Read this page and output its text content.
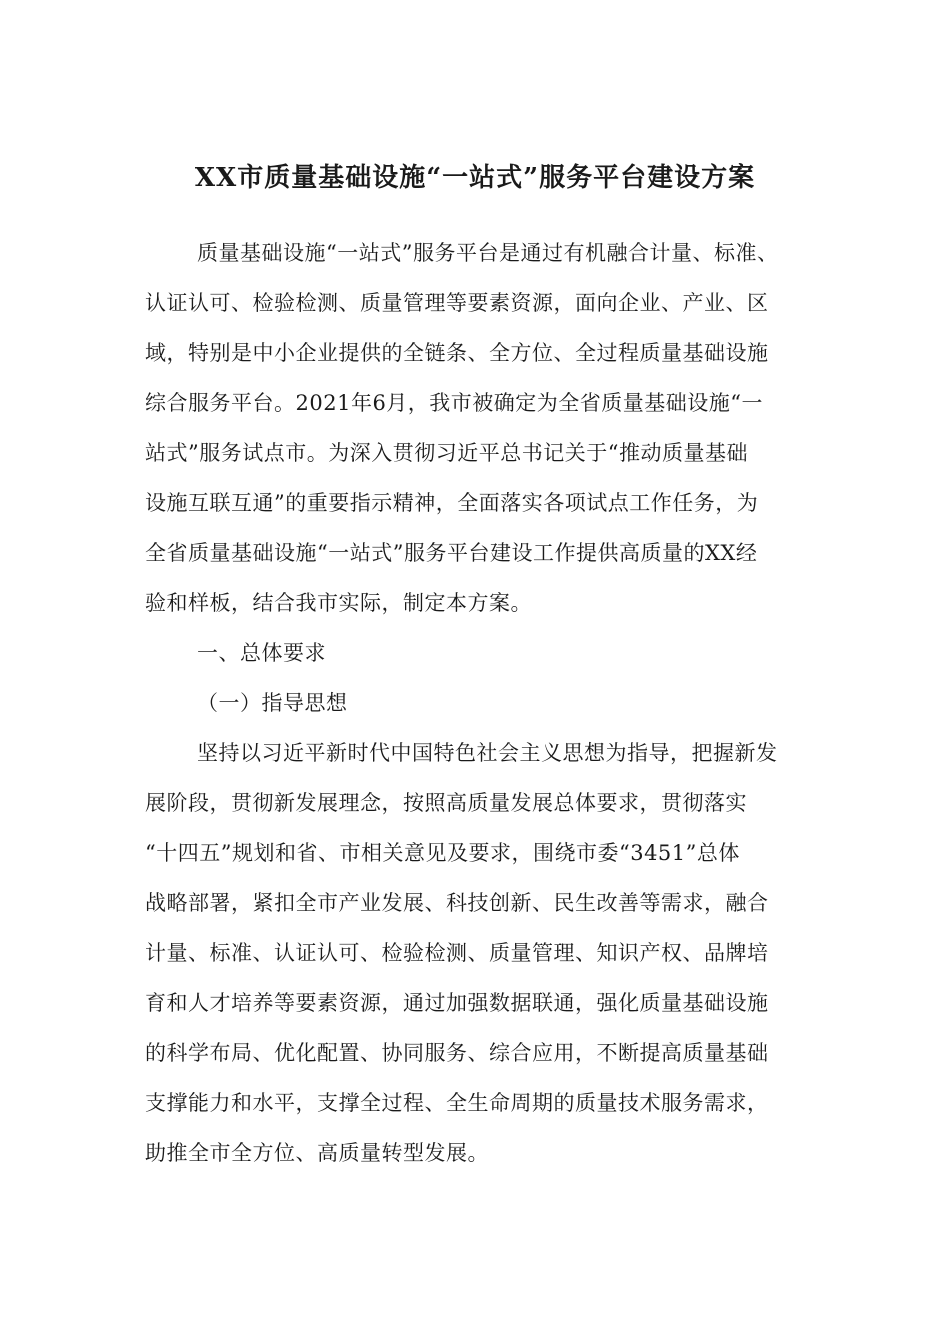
XX市质量基础设施“一站式”服务平台建设方案
质量基础设施“一站式”服务平台是通过有机融合计量、标准、
认证认可、检验检测、质量管理等要素资源，面向企业、产业、区
域，特别是中小企业提供的全链条、全方位、全过程质量基础设施
综合服务平台。2021年6月，我市被确定为全省质量基础设施“一
站式”服务试点市。为深入贯彻习近平总书记关于“推动质量基础
设施互联互通”的重要指示精神，全面落实各项试点工作任务，为
全省质量基础设施“一站式”服务平台建设工作提供高质量的XX经
验和样板，结合我市实际，制定本方案。
一、总体要求
（一）指导思想
坚持以习近平新时代中国特色社会主义思想为指导，把握新发
展阶段，贯彻新发展理念，按照高质量发展总体要求，贯彻落实
“十四五”规划和省、市相关意见及要求，围绕市委“3451”总体
战略部署，紧扣全市产业发展、科技创新、民生改善等需求，融合
计量、标准、认证认可、检验检测、质量管理、知识产权、品牌培
育和人才培养等要素资源，通过加强数据联通，强化质量基础设施
的科学布局、优化配置、协同服务、综合应用，不断提高质量基础
支撑能力和水平，支撑全过程、全生命周期的质量技术服务需求，
助推全市全方位、高质量转型发展。
